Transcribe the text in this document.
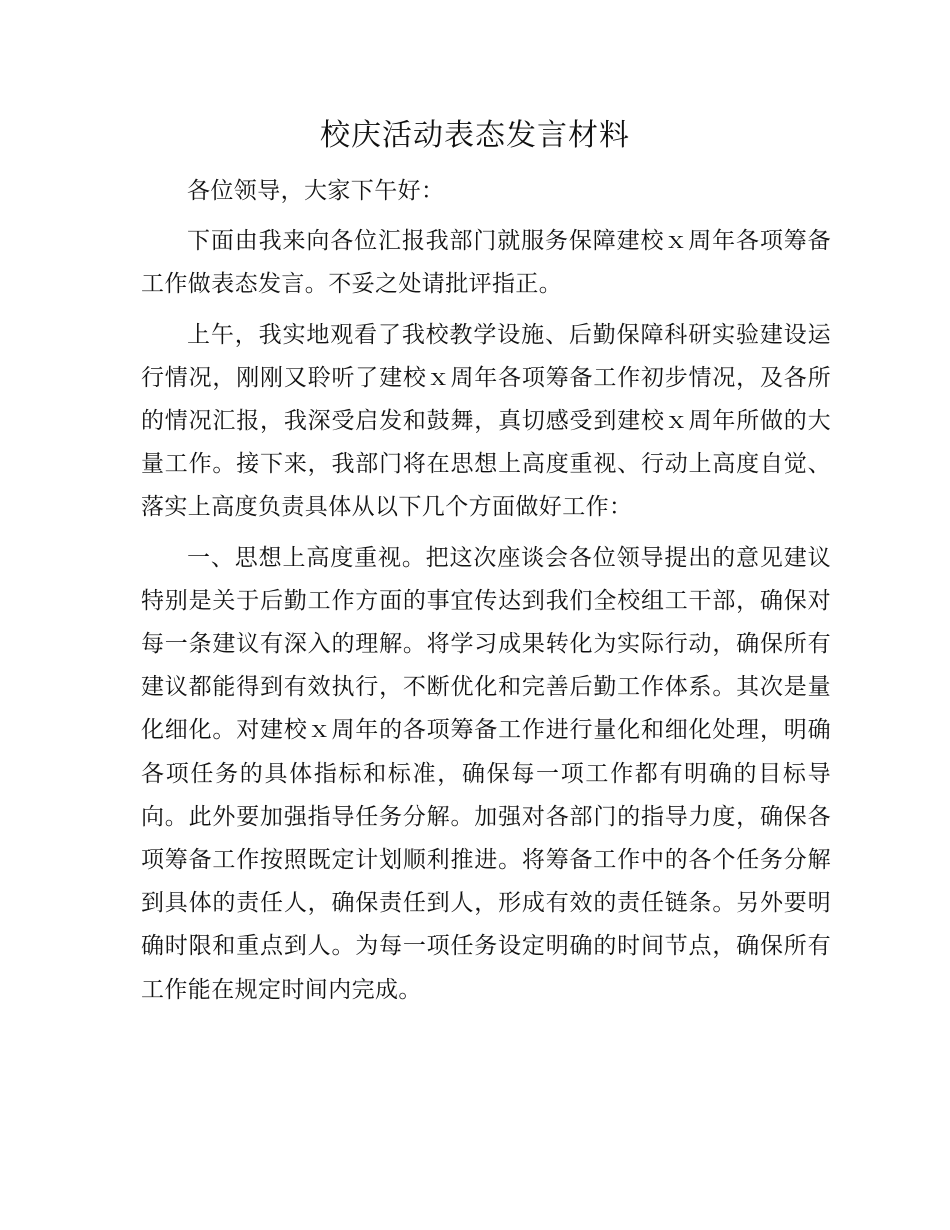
校庆活动表态发言材料

各位领导，大家下午好：

下面由我来向各位汇报我部门就服务保障建校ｘ周年各项筹备工作做表态发言。不妥之处请批评指正。

上午，我实地观看了我校教学设施、后勤保障科研实验建设运行情况，刚刚又聆听了建校ｘ周年各项筹备工作初步情况，及各所的情况汇报，我深受启发和鼓舞，真切感受到建校ｘ周年所做的大量工作。接下来，我部门将在思想上高度重视、行动上高度自觉、落实上高度负责具体从以下几个方面做好工作：

一、思想上高度重视。把这次座谈会各位领导提出的意见建议特别是关于后勤工作方面的事宜传达到我们全校组工干部，确保对每一条建议有深入的理解。将学习成果转化为实际行动，确保所有建议都能得到有效执行，不断优化和完善后勤工作体系。其次是量化细化。对建校ｘ周年的各项筹备工作进行量化和细化处理，明确各项任务的具体指标和标准，确保每一项工作都有明确的目标导向。此外要加强指导任务分解。加强对各部门的指导力度，确保各项筹备工作按照既定计划顺利推进。将筹备工作中的各个任务分解到具体的责任人，确保责任到人，形成有效的责任链条。另外要明确时限和重点到人。为每一项任务设定明确的时间节点，确保所有工作能在规定时间内完成。
